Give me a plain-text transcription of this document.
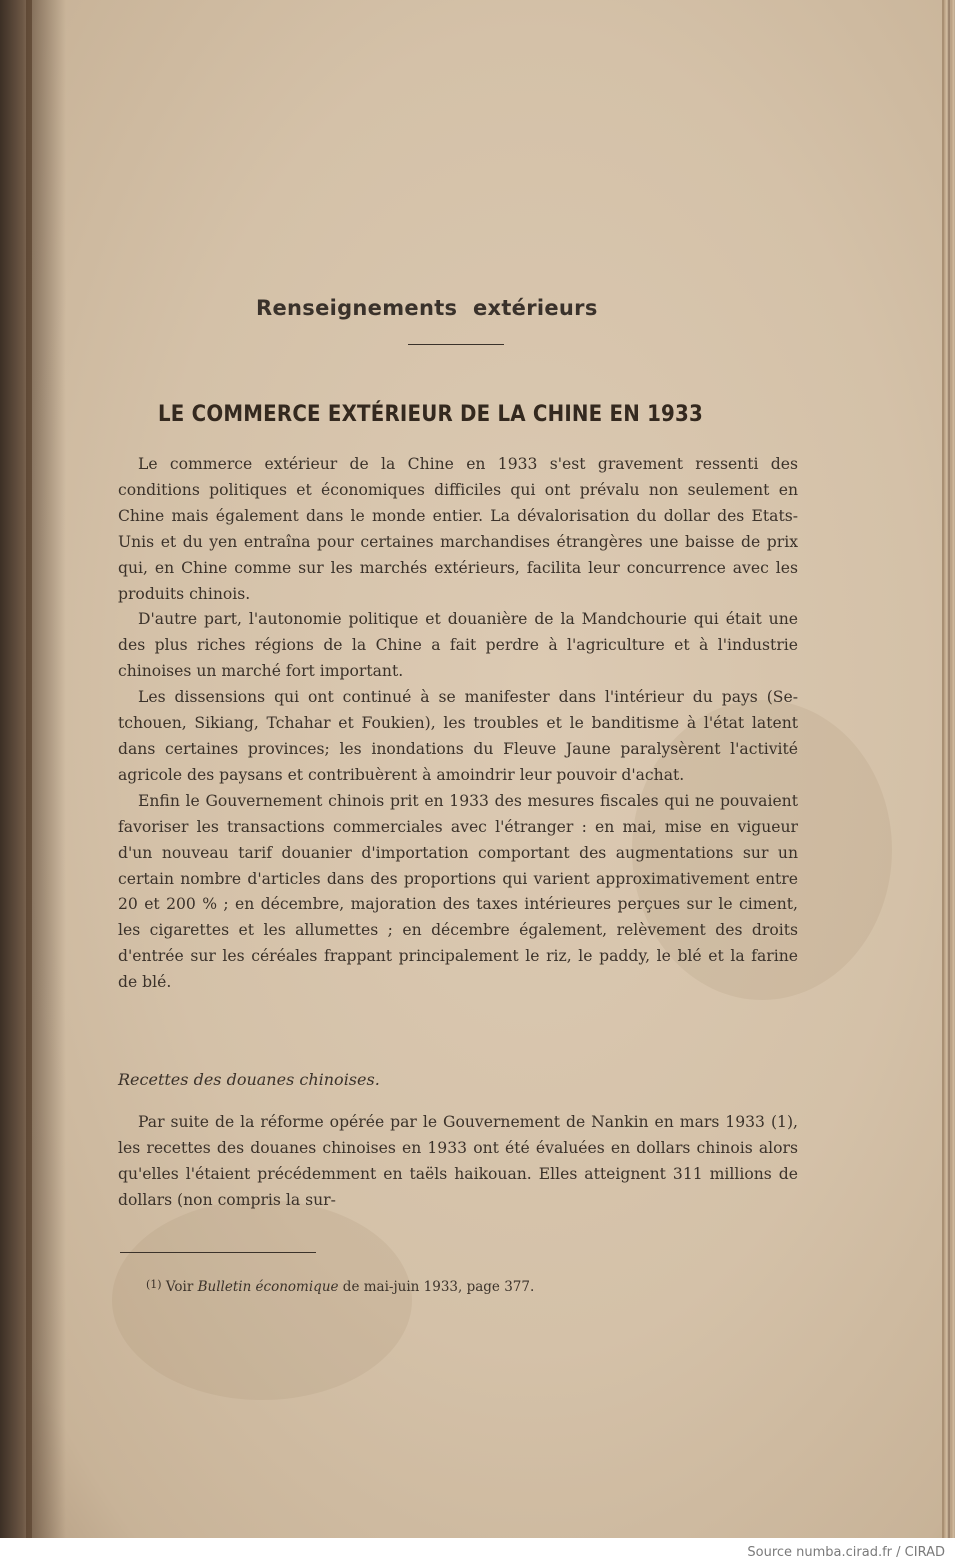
Renseignements extérieurs
LE COMMERCE EXTÉRIEUR DE LA CHINE EN 1933

Le commerce extérieur de la Chine en 1933 s'est gravement ressenti des conditions politiques et économiques difficiles qui ont prévalu non seulement en Chine mais également dans le monde entier. La dévalorisation du dollar des Etats-Unis et du yen entraîna pour certaines marchandises étrangères une baisse de prix qui, en Chine comme sur les marchés extérieurs, facilita leur concurrence avec les produits chinois.

D'autre part, l'autonomie politique et douanière de la Mandchourie qui était une des plus riches régions de la Chine a fait perdre à l'agriculture et à l'industrie chinoises un marché fort important.

Les dissensions qui ont continué à se manifester dans l'intérieur du pays (Se-tchouen, Sikiang, Tchahar et Foukien), les troubles et le banditisme à l'état latent dans certaines provinces; les inondations du Fleuve Jaune paralysèrent l'activité agricole des paysans et contribuèrent à amoindrir leur pouvoir d'achat.

Enfin le Gouvernement chinois prit en 1933 des mesures fiscales qui ne pouvaient favoriser les transactions commerciales avec l'étranger : en mai, mise en vigueur d'un nouveau tarif douanier d'importation comportant des augmentations sur un certain nombre d'articles dans des proportions qui varient approximativement entre 20 et 200 % ; en décembre, majoration des taxes intérieures perçues sur le ciment, les cigarettes et les allumettes ; en décembre également, relèvement des droits d'entrée sur les céréales frappant principalement le riz, le paddy, le blé et la farine de blé.

Recettes des douanes chinoises.

Par suite de la réforme opérée par le Gouvernement de Nankin en mars 1933 (1), les recettes des douanes chinoises en 1933 ont été évaluées en dollars chinois alors qu'elles l'étaient précédemment en taëls haikouan. Elles atteignent 311 millions de dollars (non compris la sur-

$^{(1)}$ Voir Bulletin économique de mai-juin 1933, page 377.
Source numba.cirad.fr / CIRAD
